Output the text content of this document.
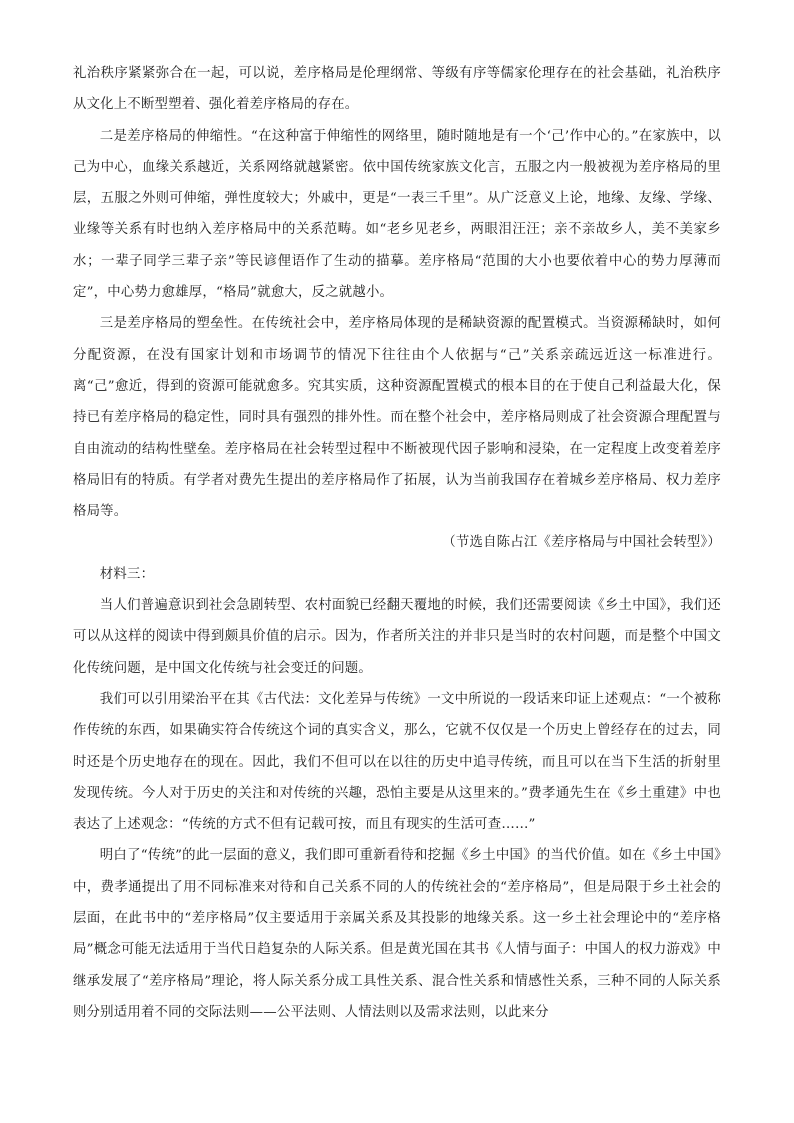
礼治秩序紧紧弥合在一起，可以说，差序格局是伦理纲常、等级有序等儒家伦理存在的社会基础，礼治秩序从文化上不断型塑着、强化着差序格局的存在。

二是差序格局的伸缩性。“在这种富于伸缩性的网络里，随时随地是有一个‘己’作中心的。”在家族中，以己为中心，血缘关系越近，关系网络就越紧密。依中国传统家族文化言，五服之内一般被视为差序格局的里层，五服之外则可伸缩，弹性度较大；外戚中，更是“一表三千里”。从广泛意义上论，地缘、友缘、学缘、业缘等关系有时也纳入差序格局中的关系范畴。如“老乡见老乡，两眼泪汪汪；亲不亲故乡人，美不美家乡水；一辈子同学三辈子亲”等民谚俚语作了生动的描摹。差序格局“范围的大小也要依着中心的势力厚薄而定”，中心势力愈雄厚，“格局”就愈大，反之就越小。

三是差序格局的塑垒性。在传统社会中，差序格局体现的是稀缺资源的配置模式。当资源稀缺时，如何分配资源，在没有国家计划和市场调节的情况下往往由个人依据与“己”关系亲疏远近这一标准进行。离“己”愈近，得到的资源可能就愈多。究其实质，这种资源配置模式的根本目的在于使自己利益最大化，保持已有差序格局的稳定性，同时具有强烈的排外性。而在整个社会中，差序格局则成了社会资源合理配置与自由流动的结构性壁垒。差序格局在社会转型过程中不断被现代因子影响和浸染，在一定程度上改变着差序格局旧有的特质。有学者对费先生提出的差序格局作了拓展，认为当前我国存在着城乡差序格局、权力差序格局等。

（节选自陈占江《差序格局与中国社会转型》）

材料三：

当人们普遍意识到社会急剧转型、农村面貌已经翻天覆地的时候，我们还需要阅读《乡土中国》，我们还可以从这样的阅读中得到颇具价值的启示。因为，作者所关注的并非只是当时的农村问题，而是整个中国文化传统问题，是中国文化传统与社会变迁的问题。

我们可以引用梁治平在其《古代法：文化差异与传统》一文中所说的一段话来印证上述观点：“一个被称作传统的东西，如果确实符合传统这个词的真实含义，那么，它就不仅仅是一个历史上曾经存在的过去，同时还是个历史地存在的现在。因此，我们不但可以在以往的历史中追寻传统，而且可以在当下生活的折射里发现传统。今人对于历史的关注和对传统的兴趣，恐怕主要是从这里来的。”费孝通先生在《乡土重建》中也表达了上述观念：“传统的方式不但有记载可按，而且有现实的生活可查……”

明白了“传统”的此一层面的意义，我们即可重新看待和挖掘《乡土中国》的当代价值。如在《乡土中国》中，费孝通提出了用不同标准来对待和自己关系不同的人的传统社会的“差序格局”，但是局限于乡土社会的层面，在此书中的“差序格局”仅主要适用于亲属关系及其投影的地缘关系。这一乡土社会理论中的“差序格局”概念可能无法适用于当代日趋复杂的人际关系。但是黄光国在其书《人情与面子：中国人的权力游戏》中继承发展了“差序格局”理论，将人际关系分成工具性关系、混合性关系和情感性关系，三种不同的人际关系则分别适用着不同的交际法则——公平法则、人情法则以及需求法则，以此来分
